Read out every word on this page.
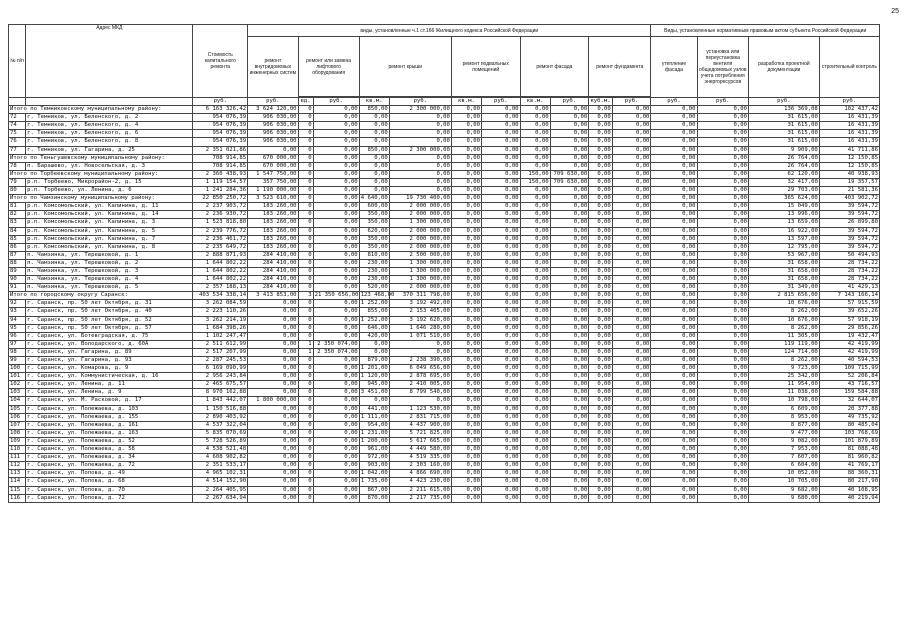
25
№ п/п	Адрес МКД	Стоимость капитального ремонта	виды, установленные ч.1 ст.166 Жилищного кодекса Российской Федерации											Виды, установленные нормативным правовым актом субъекта Российской Федерации			
			ремонт внутридомовых инженерных систем	ремонт или замена лифтового оборудования		ремонт крыши		ремонт подвальных помещений		ремонт фасада		ремонт фундамента		утепление фасада	установка или переустановка вентиля общедомовых узлов учета потребления энергоресурсов	разработка проектной документации	строительный контроль

		руб.	руб.	ед.	руб.	кв.м.	руб.	кв.м.	руб.	кв.м.	руб.	куб.м.	руб.	руб.	руб.	руб.	руб.
Итого по Темниковскому муниципальному району:		6 163 326,42	3 624 120,00	0	0,00	850,00	2 300 000,00	0,00	0,00	0,00	0,00	0,00	0,00	0,00	0,00	136 369,08	102 437,42
72	г. Темников, ул. Беленского, д. 2	954 076,39	906 030,00	0	0,00	0,00	0,00	0,00	0,00	0,00	0,00	0,00	0,00	0,00	0,00	31 615,00	16 431,39
74	г. Темников, ул. Беленского, д. 4	954 076,39	906 030,00	0	0,00	0,00	0,00	0,00	0,00	0,00	0,00	0,00	0,00	0,00	0,00	31 615,00	16 431,39
75	г. Темников, ул. Беленского, д. 6	954 076,39	906 030,00	0	0,00	0,00	0,00	0,00	0,00	0,00	0,00	0,00	0,00	0,00	0,00	31 615,00	16 431,39
76	г. Темников, ул. Беленского, д. 8	954 076,39	906 030,00	0	0,00	0,00	0,00	0,00	0,00	0,00	0,00	0,00	0,00	0,00	0,00	31 615,00	16 431,39
77	г. Темников, ул. Гагарина, д. 25	2 351 021,86	0,00	0	0,00	850,00	2 300 000,00	0,00	0,00	0,00	0,00	0,00	0,00	0,00	0,00	9 909,00	41 711,86
Итого по Теньгушевскому муниципальному району:		708 914,85	670 000,00	0	0,00	0,00	0,00	0,00	0,00	0,00	0,00	0,00	0,00	0,00	0,00	26 764,00	12 150,85
78	п. Барашево, ул. Новосельская, д. 3	708 914,85	670 000,00	0	0,00	0,00	0,00	0,00	0,00	0,00	0,00	0,00	0,00	0,00	0,00	26 764,00	12 150,85
Итого по Торбеевскому муниципальному району:		2 360 438,93	1 547 750,00	0	0,00	0,00	0,00	0,00	0,00	150,00	709 630,00	0,00	0,00	0,00	0,00	62 120,00	40 938,93
79	р.п. Торбеево, Микрорайон-2, д. 15	1 119 154,57	357 750,00	0	0,00	0,00	0,00	0,00	0,00	150,00	709 630,00	0,00	0,00	0,00	0,00	32 417,00	19 357,57
80	р.п. Торбеево, ул. Ленина, д. 6	1 241 284,36	1 190 000,00	0	0,00	0,00	0,00	0,00	0,00	0,00	0,00	0,00	0,00	0,00	0,00	29 703,00	21 581,36
Итого по Чамзинскому муниципальному району:		22 850 250,72	3 523 610,00	0	0,00	4 640,00	19 730 400,00	0,00	0,00	0,00	0,00	0,00	0,00	0,00	0,00	365 624,00	403 902,72
81	р.п. Комсомольский, ул. Калинина, д. 11	2 237 903,72	183 260,00	0	0,00	600,00	2 000 000,00	0,00	0,00	0,00	0,00	0,00	0,00	0,00	0,00	15 049,00	39 594,72
82	р.п. Комсомольский, ул. Калинина, д. 14	2 236 930,72	183 260,00	0	0,00	350,00	2 000 000,00	0,00	0,00	0,00	0,00	0,00	0,00	0,00	0,00	13 996,00	39 594,72
83	р.п. Комсомольский, ул. Калинина, д. 3	1 523 818,80	183 260,00	0	0,00	350,00	1 300 000,00	0,00	0,00	0,00	0,00	0,00	0,00	0,00	0,00	13 659,00	26 899,80
84	р.п. Комсомольский, ул. Калинина, д. 5	2 239 776,72	183 260,00	0	0,00	620,00	2 000 000,00	0,00	0,00	0,00	0,00	0,00	0,00	0,00	0,00	16 922,00	39 594,72
85	р.п. Комсомольский, ул. Калинина, д. 7	2 236 461,72	183 260,00	0	0,00	350,00	2 000 000,00	0,00	0,00	0,00	0,00	0,00	0,00	0,00	0,00	13 597,00	39 594,72
86	р.п. Комсомольский, ул. Калинина, д. 8	2 235 649,72	183 260,00	0	0,00	350,00	2 000 000,00	0,00	0,00	0,00	0,00	0,00	0,00	0,00	0,00	12 795,00	39 594,72
87	п. Чамзинка, ул. Терешковой, д. 1	2 888 871,93	284 410,00	0	0,00	810,00	2 500 000,00	0,00	0,00	0,00	0,00	0,00	0,00	0,00	0,00	53 967,00	50 494,93
88	п. Чамзинка, ул. Терешковой, д. 2	1 644 802,22	284 410,00	0	0,00	230,00	1 300 000,00	0,00	0,00	0,00	0,00	0,00	0,00	0,00	0,00	31 658,00	28 734,22
89	п. Чамзинка, ул. Терешковой, д. 3	1 644 802,22	284 410,00	0	0,00	230,00	1 300 000,00	0,00	0,00	0,00	0,00	0,00	0,00	0,00	0,00	31 658,00	28 734,22
90	п. Чамзинка, ул. Терешковой, д. 4	1 644 802,22	284 410,00	0	0,00	230,00	1 300 000,00	0,00	0,00	0,00	0,00	0,00	0,00	0,00	0,00	31 658,00	28 734,22
91	п. Чамзинка, ул. Терешковой, д. 5	2 357 188,13	284 410,00	0	0,00	520,00	2 000 000,00	0,00	0,00	0,00	0,00	0,00	0,00	0,00	0,00	31 349,00	41 429,13
Итого по городскому округу Саранск:		403 534 338,14	3 413 853,00	3	21 350 656,00	123 468,00	370 311 798,00	0,00	0,00	0,00	0,00	0,00	0,00	0,00	0,00	2 815 656,00	7 143 166,14
92	г. Саранск, пр. 50 лет Октября, д. 31	3 262 084,59	0,00	0	0,00	1 252,00	3 192 492,00	0,00	0,00	0,00	0,00	0,00	0,00	0,00	0,00	10 676,00	57 915,59
93	г. Саранск, пр. 50 лет Октября, д. 40	2 223 110,26	0,00	0	0,00	855,00	2 153 405,00	0,00	0,00	0,00	0,00	0,00	0,00	0,00	0,00	8 262,00	39 652,26
94	г. Саранск, пр. 50 лет Октября, д. 52	3 262 214,19	0,00	0	0,00	1 252,00	3 192 620,00	0,00	0,00	0,00	0,00	0,00	0,00	0,00	0,00	10 676,00	57 918,19
95	г. Саранск, пр. 50 лет Октября, д. 57	1 684 398,26	0,00	0	0,00	646,00	1 646 280,00	0,00	0,00	0,00	0,00	0,00	0,00	0,00	0,00	8 262,00	29 856,26
96	г. Саранск, ул. Ботевградская, д. 75	1 102 247,47	0,00	0	0,00	420,00	1 071 510,00	0,00	0,00	0,00	0,00	0,00	0,00	0,00	0,00	11 305,00	19 432,47
97	г. Саранск, ул. Володарского, д. 60А	2 511 612,99	0,00	1	2 350 074,00	0,00	0,00	0,00	0,00	0,00	0,00	0,00	0,00	0,00	0,00	119 119,00	42 419,99
98	г. Саранск, ул. Гагарина, д. 89	2 517 207,99	0,00	1	2 350 074,00	0,00	0,00	0,00	0,00	0,00	0,00	0,00	0,00	0,00	0,00	124 714,00	42 419,99
99	г. Саранск, ул. Гагарина, д. 93	2 287 245,53	0,00	0	0,00	879,00	2 238 390,00	0,00	0,00	0,00	0,00	0,00	0,00	0,00	0,00	8 262,00	40 594,53
100	г. Саранск, ул. Комарова, д. 9	6 169 090,99	0,00	0	0,00	1 201,00	6 049 656,00	0,00	0,00	0,00	0,00	0,00	0,00	0,00	0,00	9 723,00	109 715,99
101	г. Саранск, ул. Коммунистическая, д. 16	2 956 243,84	0,00	0	0,00	1 120,00	2 878 695,00	0,00	0,00	0,00	0,00	0,00	0,00	0,00	0,00	25 342,00	52 206,84
102	г. Саранск, ул. Ленина, д. 11	2 465 675,57	0,00	0	0,00	945,00	2 410 005,00	0,00	0,00	0,00	0,00	0,00	0,00	0,00	0,00	11 954,00	43 716,57
103	г. Саранск, ул. Ленина, д. 9	8 970 162,88	0,00	0	0,00	3 451,00	8 799 540,00	0,00	0,00	0,00	0,00	0,00	0,00	0,00	0,00	11 038,00	159 584,88
104	г. Саранск, ул. М. Расковой, д. 17	1 843 442,07	1 800 000,00	0	0,00	0,00	0,00	0,00	0,00	0,00	0,00	0,00	0,00	0,00	0,00	10 798,00	32 644,07
105	г. Саранск, ул. Полежаева, д. 103	1 150 516,88	0,00	0	0,00	441,00	1 123 530,00	0,00	0,00	0,00	0,00	0,00	0,00	0,00	0,00	6 609,00	20 377,88
106	г. Саранск, ул. Полежаева, д. 155	2 890 403,92	0,00	0	0,00	1 111,00	2 831 715,00	0,00	0,00	0,00	0,00	0,00	0,00	0,00	0,00	8 953,00	49 735,92
107	г. Саранск, ул. Полежаева, д. 161	4 537 322,04	0,00	0	0,00	954,00	4 437 900,00	0,00	0,00	0,00	0,00	0,00	0,00	0,00	0,00	8 877,00	80 485,04
108	г. Саранск, ул. Полежаева, д. 163	5 835 070,69	0,00	0	0,00	1 231,00	5 721 825,00	0,00	0,00	0,00	0,00	0,00	0,00	0,00	0,00	9 477,00	103 768,69
109	г. Саранск, ул. Полежаева, д. 52	5 728 526,89	0,00	0	0,00	1 200,00	5 617 665,00	0,00	0,00	0,00	0,00	0,00	0,00	0,00	0,00	9 082,00	101 879,89
110	г. Саранск, ул. Полежаева, д. 58	4 538 521,48	0,00	0	0,00	961,00	4 449 580,00	0,00	0,00	0,00	0,00	0,00	0,00	0,00	0,00	7 953,00	81 088,48
111	г. Саранск, ул. Полежаева, д. 34	4 608 902,82	0,00	0	0,00	972,00	4 519 335,00	0,00	0,00	0,00	0,00	0,00	0,00	0,00	0,00	7 607,00	81 960,82
112	г. Саранск, ул. Полежаева, д. 72	2 351 533,17	0,00	0	0,00	903,00	2 303 160,00	0,00	0,00	0,00	0,00	0,00	0,00	0,00	0,00	6 604,00	41 769,17
113	г. Саранск, ул. Попова, д. 49	4 965 102,31	0,00	0	0,00	1 042,00	4 866 690,00	0,00	0,00	0,00	0,00	0,00	0,00	0,00	0,00	10 052,00	88 360,31
114	г. Саранск, ул. Попова, д. 68	4 514 152,90	0,00	0	0,00	1 735,00	4 423 230,00	0,00	0,00	0,00	0,00	0,00	0,00	0,00	0,00	10 705,00	80 217,90
115	г. Саранск, ул. Попова, д. 70	2 264 405,95	0,00	0	0,00	867,00	2 211 615,00	0,00	0,00	0,00	0,00	0,00	0,00	0,00	0,00	9 682,00	40 108,95
116	г. Саранск, ул. Попова, д. 72	2 267 634,94	0,00	0	0,00	870,00	2 217 735,00	0,00	0,00	0,00	0,00	0,00	0,00	0,00	0,00	9 680,00	40 219,94
